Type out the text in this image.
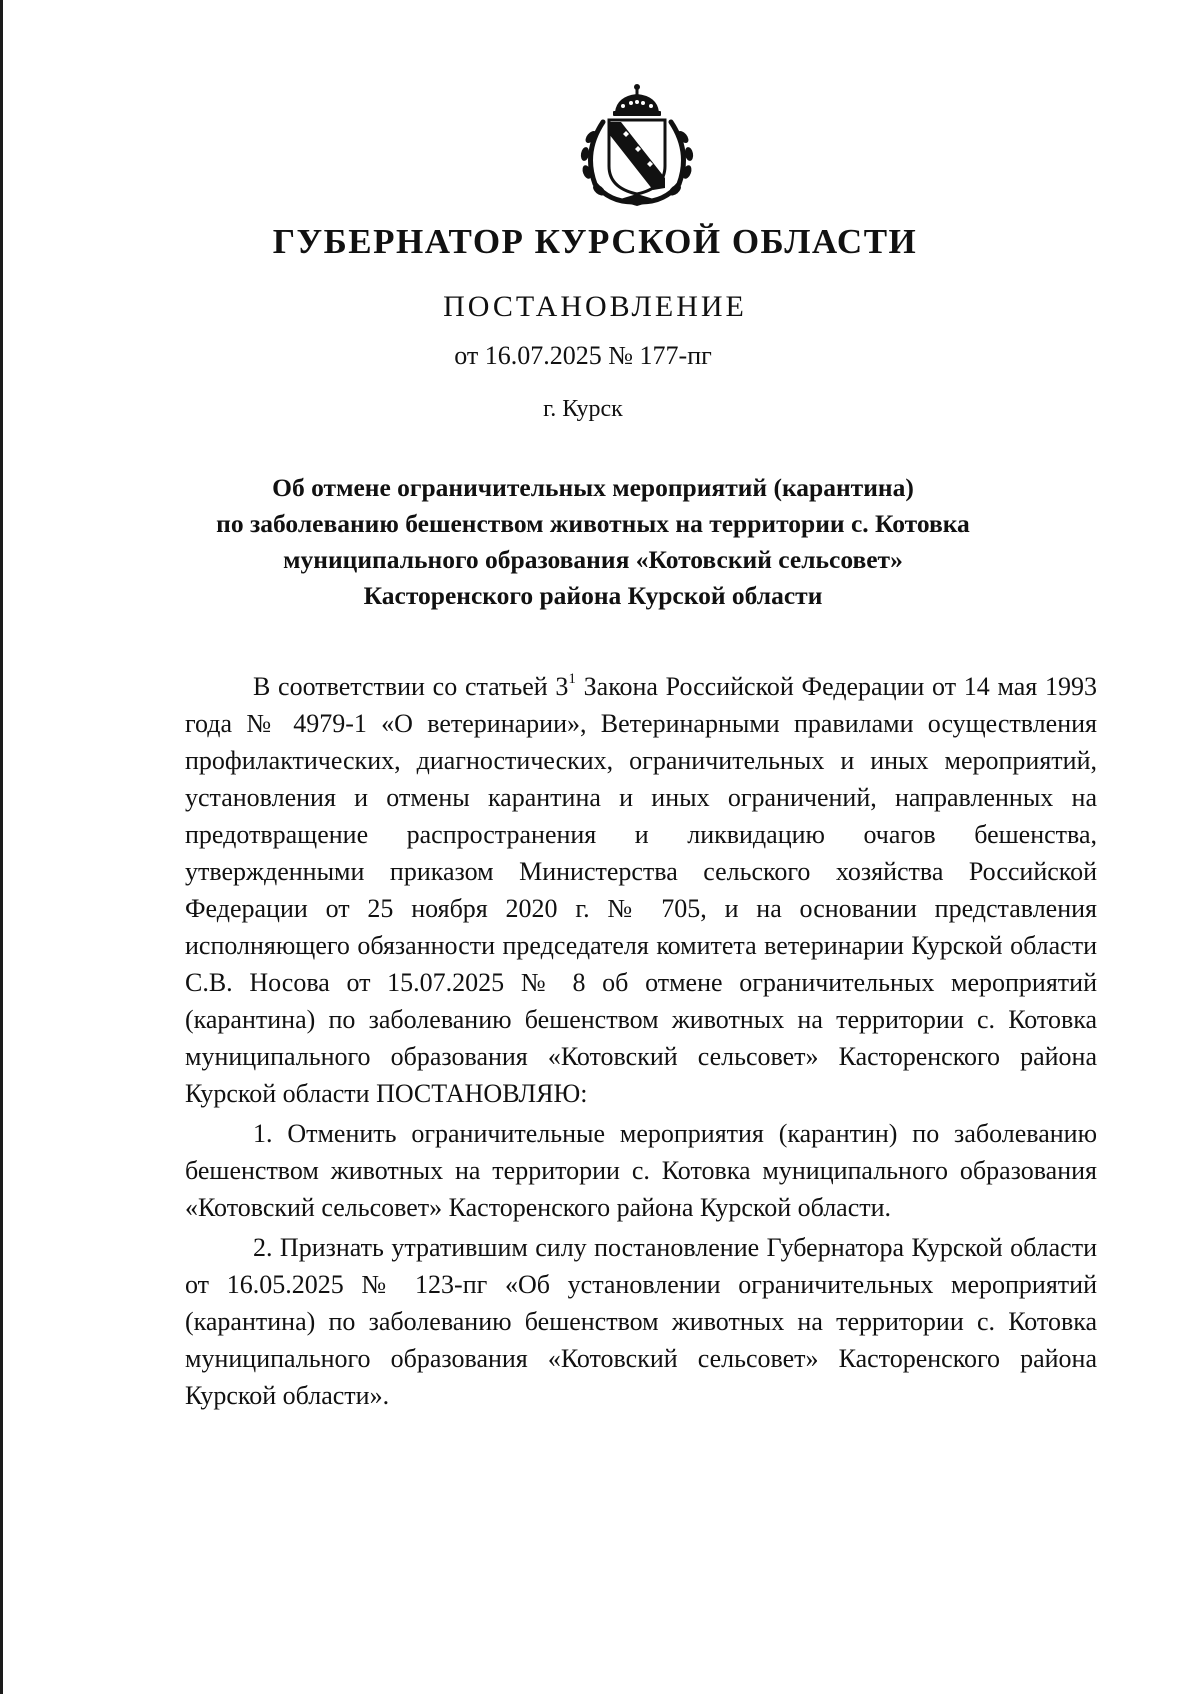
ГУБЕРНАТОР КУРСКОЙ ОБЛАСТИ
ПОСТАНОВЛЕНИЕ
от 16.07.2025 № 177-пг
г. Курск
Об отмене ограничительных мероприятий (карантина)
по заболеванию бешенством животных на территории с. Котовка
муниципального образования «Котовский сельсовет»
Касторенского района Курской области

В соответствии со статьей $3^1$ Закона Российской Федерации от 14 мая 1993 года № 4979-1 «О ветеринарии», Ветеринарными правилами осуществления профилактических, диагностических, ограничительных и иных мероприятий, установления и отмены карантина и иных ограничений, направленных на предотвращение распространения и ликвидацию очагов бешенства, утвержденными приказом Министерства сельского хозяйства Российской Федерации от 25 ноября 2020 г. № 705, и на основании представления исполняющего обязанности председателя комитета ветеринарии Курской области С.В. Носова от 15.07.2025 № 8 об отмене ограничительных мероприятий (карантина) по заболеванию бешенством животных на территории с. Котовка муниципального образования «Котовский сельсовет» Касторенского района Курской области ПОСТАНОВЛЯЮ:

1. Отменить ограничительные мероприятия (карантин) по заболеванию бешенством животных на территории с. Котовка муниципального образования «Котовский сельсовет» Касторенского района Курской области.

2. Признать утратившим силу постановление Губернатора Курской области от 16.05.2025 № 123-пг «Об установлении ограничительных мероприятий (карантина) по заболеванию бешенством животных на территории с. Котовка муниципального образования «Котовский сельсовет» Касторенского района Курской области».
